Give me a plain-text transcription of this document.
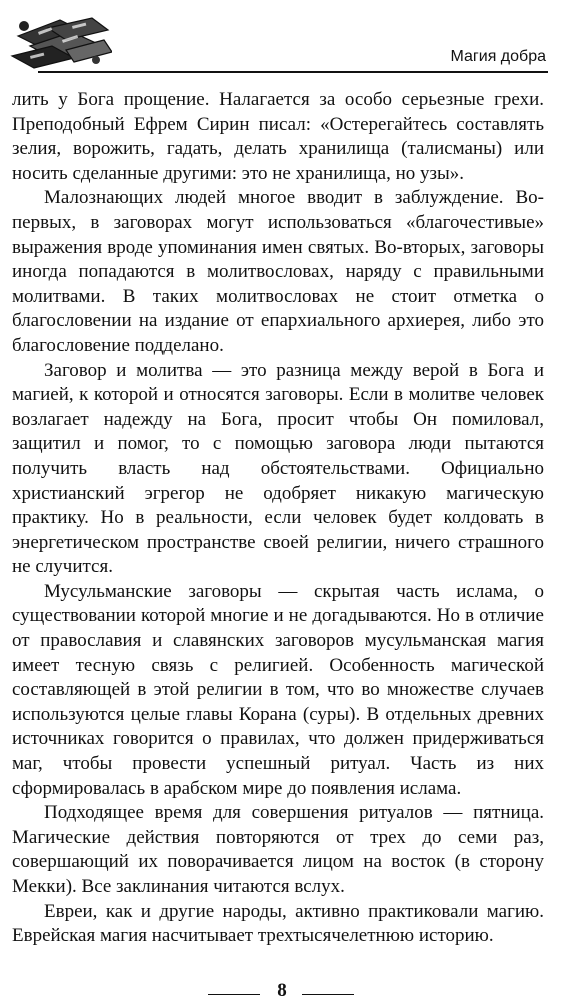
Магия добра

лить у Бога прощение. Налагается за особо серьезные грехи. Преподобный Ефрем Сирин писал: «Остерегайтесь составлять зелия, ворожить, гадать, делать хранилища (талисманы) или носить сделанные другими: это не хранилища, но узы».

Малознающих людей многое вводит в заблуждение. Во-первых, в заговорах могут использоваться «благочестивые» выражения вроде упоминания имен святых. Во-вторых, заговоры иногда попадаются в молитвословах, наряду с правильными молитвами. В таких молитвословах не стоит отметка о благословении на издание от епархиального архиерея, либо это благословение подделано.

Заговор и молитва — это разница между верой в Бога и магией, к которой и относятся заговоры. Если в молитве человек возлагает надежду на Бога, просит чтобы Он помиловал, защитил и помог, то с помощью заговора люди пытаются получить власть над обстоятельствами. Официально христианский эгрегор не одобряет никакую магическую практику. Но в реальности, если человек будет колдовать в энергетическом пространстве своей религии, ничего страшного не случится.

Мусульманские заговоры — скрытая часть ислама, о существовании которой многие и не догадываются. Но в отличие от православия и славянских заговоров мусульманская магия имеет тесную связь с религией. Особенность магической составляющей в этой религии в том, что во множестве случаев используются целые главы Корана (суры). В отдельных древних источниках говорится о правилах, что должен придерживаться маг, чтобы провести успешный ритуал. Часть из них сформировалась в арабском мире до появления ислама.

Подходящее время для совершения ритуалов — пятница. Магические действия повторяются от трех до семи раз, совершающий их поворачивается лицом на восток (в сторону Мекки). Все заклинания читаются вслух.

Евреи, как и другие народы, активно практиковали магию. Еврейская магия насчитывает трехтысячелетнюю историю.

8
